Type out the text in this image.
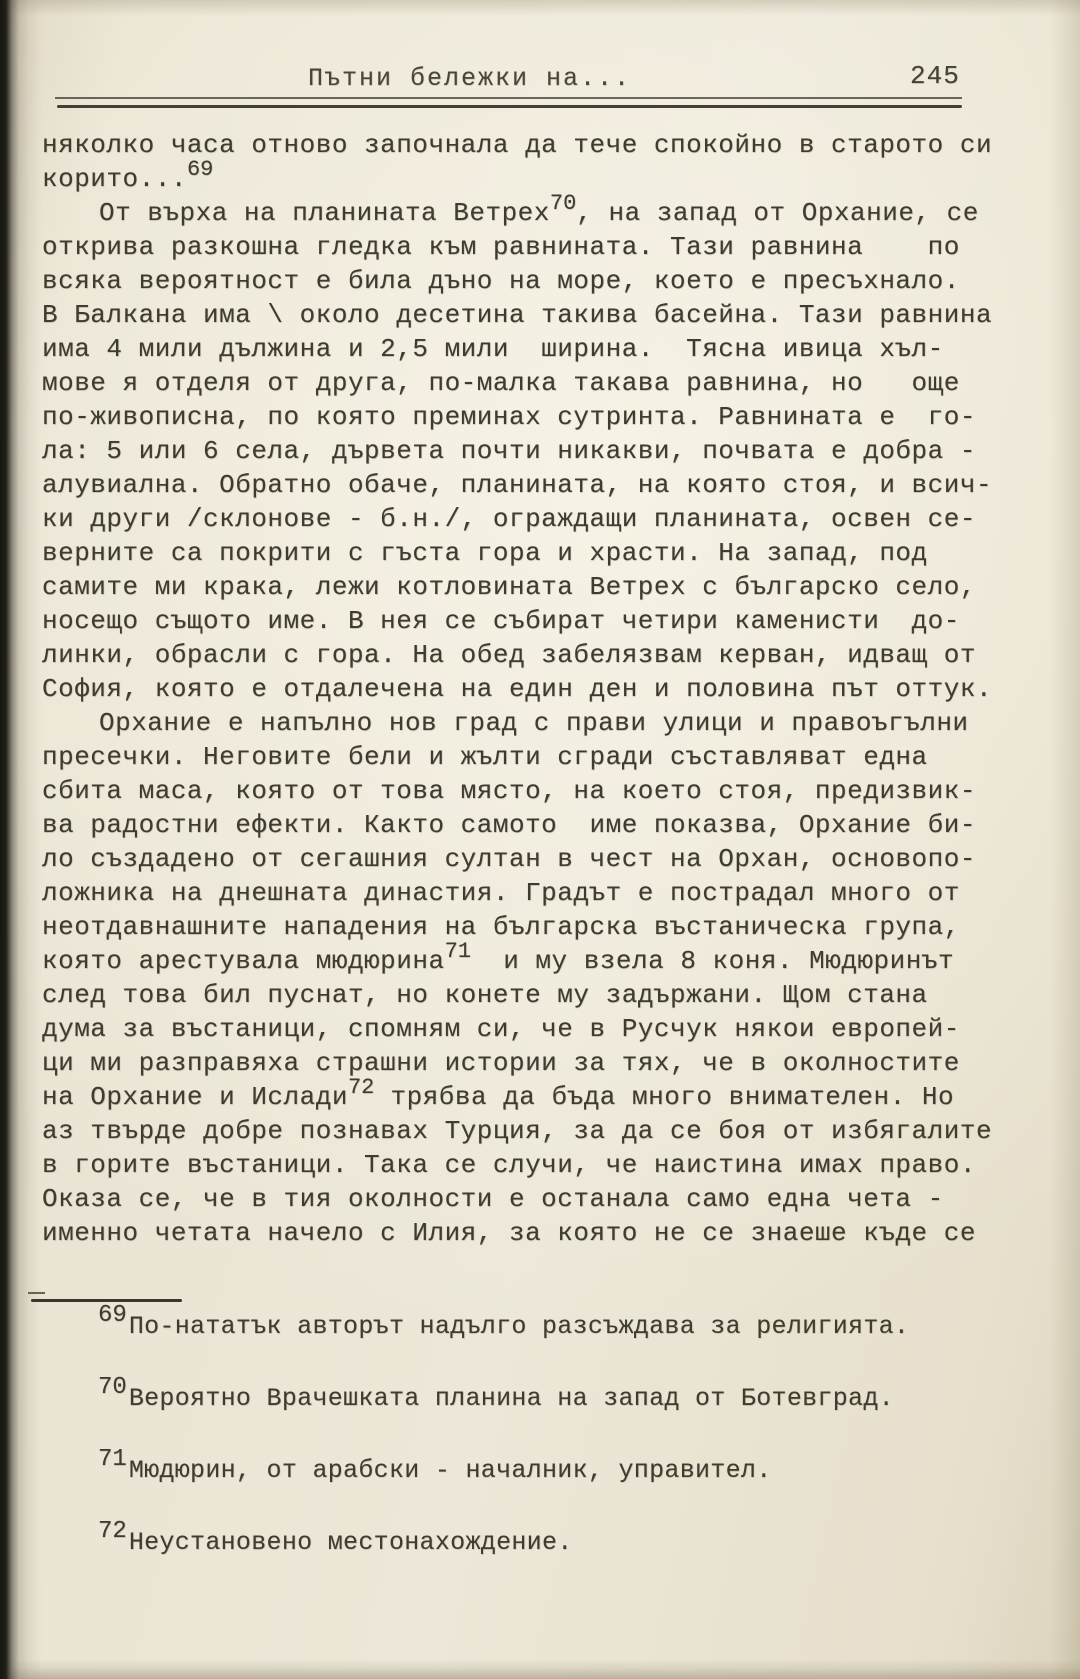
Пътни бележки на...	245
няколко часа отново започнала да тече спокойно в старото си
корито...$^{69}$
От върха на планината Ветрех$^{70}$, на запад от Орхание, се
открива разкошна гледка към равнината. Тази равнина    по
всяка вероятност е била дъно на море, което е пресъхнало.
В Балкана има \ около десетина такива басейна. Тази равнина
има 4 мили дължина и 2,5 мили  ширина.  Тясна ивица хъл-
мове я отделя от друга, по-малка такава равнина, но   още
по-живописна, по която преминах сутринта. Равнината е  го-
ла: 5 или 6 села, дървета почти никакви, почвата е добра -
алувиална. Обратно обаче, планината, на която стоя, и всич-
ки други /склонове - б.н./, ограждащи планината, освен се-
верните са покрити с гъста гора и храсти. На запад, под
самите ми крака, лежи котловината Ветрех с българско село,
носещо същото име. В нея се събират четири каменисти  до-
линки, обрасли с гора. На обед забелязвам керван, идващ от
София, която е отдалечена на един ден и половина път оттук.
Орхание е напълно нов град с прави улици и правоъгълни
пресечки. Неговите бели и жълти сгради съставляват една
сбита маса, която от това място, на което стоя, предизвик-
ва радостни ефекти. Както самото  име показва, Орхание би-
ло създадено от сегашния султан в чест на Орхан, основопо-
ложника на днешната династия. Градът е пострадал много от
неотдавнашните нападения на българска въстаническа група,
която арестувала мюдюрина$^{71}$  и му взела 8 коня. Мюдюринът
след това бил пуснат, но конете му задържани. Щом стана
дума за въстаници, спомням си, че в Русчук някои европей-
ци ми разправяха страшни истории за тях, че в околностите
на Орхание и Ислади$^{72}$ трябва да бъда много внимателен. Но
аз твърде добре познавах Турция, за да се боя от избягалите
в горите въстаници. Така се случи, че наистина имах право.
Оказа се, че в тия околности е останала само една чета -
именно четата начело с Илия, за която не се знаеше къде се
$^{69}$По-нататък авторът надълго разсъждава за религията.
$^{70}$Вероятно Врачешката планина на запад от Ботевград.
$^{71}$Мюдюрин, от арабски - началник, управител.
$^{72}$Неустановено местонахождение.
